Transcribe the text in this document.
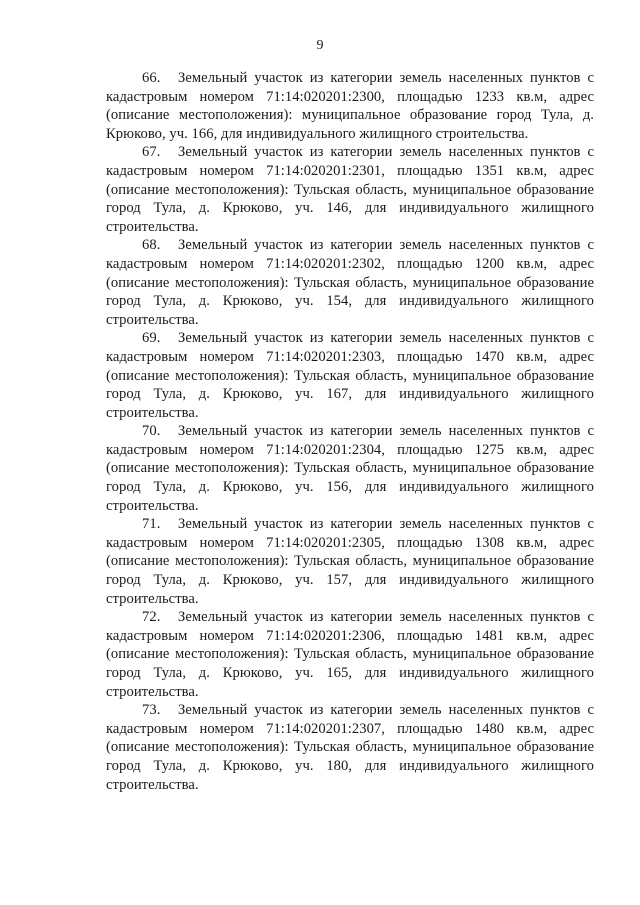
9

66. Земельный участок из категории земель населенных пунктов с кадастровым номером 71:14:020201:2300, площадью 1233 кв.м, адрес (описание местоположения): муниципальное образование город Тула, д. Крюково, уч. 166, для индивидуального жилищного строительства.

67. Земельный участок из категории земель населенных пунктов с кадастровым номером 71:14:020201:2301, площадью 1351 кв.м, адрес (описание местоположения): Тульская область, муниципальное образование город Тула, д. Крюково, уч. 146, для индивидуального жилищного строительства.

68. Земельный участок из категории земель населенных пунктов с кадастровым номером 71:14:020201:2302, площадью 1200 кв.м, адрес (описание местоположения): Тульская область, муниципальное образование город Тула, д. Крюково, уч. 154, для индивидуального жилищного строительства.

69. Земельный участок из категории земель населенных пунктов с кадастровым номером 71:14:020201:2303, площадью 1470 кв.м, адрес (описание местоположения): Тульская область, муниципальное образование город Тула, д. Крюково, уч. 167, для индивидуального жилищного строительства.

70. Земельный участок из категории земель населенных пунктов с кадастровым номером 71:14:020201:2304, площадью 1275 кв.м, адрес (описание местоположения): Тульская область, муниципальное образование город Тула, д. Крюково, уч. 156, для индивидуального жилищного строительства.

71. Земельный участок из категории земель населенных пунктов с кадастровым номером 71:14:020201:2305, площадью 1308 кв.м, адрес (описание местоположения): Тульская область, муниципальное образование город Тула, д. Крюково, уч. 157, для индивидуального жилищного строительства.

72. Земельный участок из категории земель населенных пунктов с кадастровым номером 71:14:020201:2306, площадью 1481 кв.м, адрес (описание местоположения): Тульская область, муниципальное образование город Тула, д. Крюково, уч. 165, для индивидуального жилищного строительства.

73. Земельный участок из категории земель населенных пунктов с кадастровым номером 71:14:020201:2307, площадью 1480 кв.м, адрес (описание местоположения): Тульская область, муниципальное образование город Тула, д. Крюково, уч. 180, для индивидуального жилищного строительства.
